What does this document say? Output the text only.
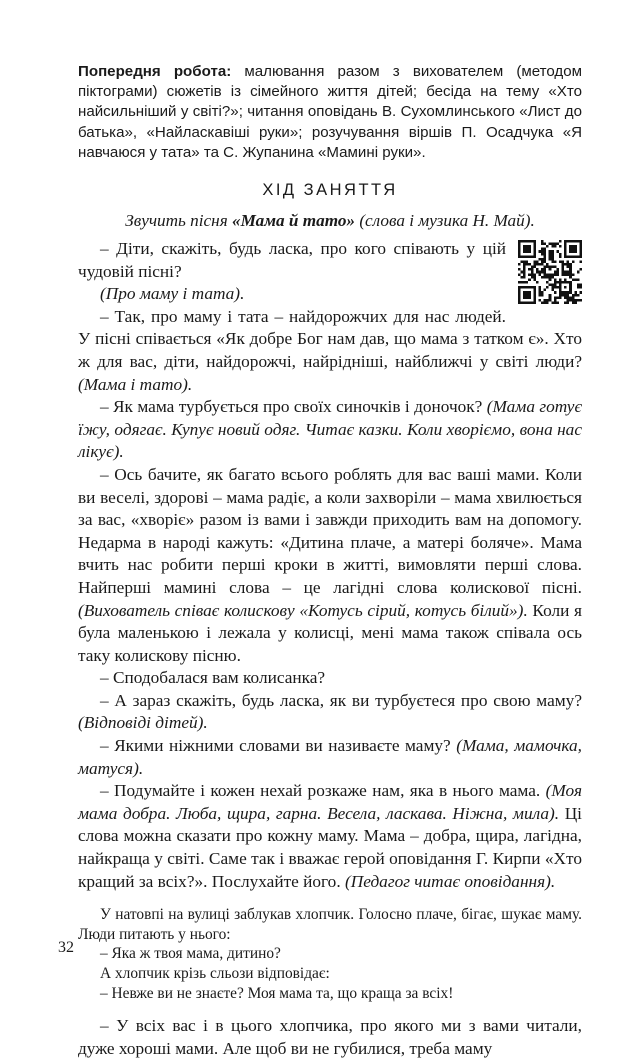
Попередня робота: малювання разом з вихователем (методом піктограми) сюжетів із сімейного життя дітей; бесіда на тему «Хто найсильніший у світі?»; читання оповідань В. Сухомлинського «Лист до батька», «Найласкавіші руки»; розучування віршів П. Осадчука «Я навчаюся у тата» та С. Жупанина «Мамині руки».

ХІД ЗАНЯТТЯ

Звучить пісня «Мама й тато» (слова і музика Н. Май).

– Діти, скажіть, будь ласка, про кого співають у цій чудовій пісні?

(Про маму і тата).

– Так, про маму і тата – найдорожчих для нас людей. У пісні співається «Як добре Бог нам дав, що мама з татком є». Хто ж для вас, діти, найдорожчі, найрідніші, найближчі у світі люди? (Мама і тато).

– Як мама турбується про своїх синочків і доночок? (Мама готує їжу, одягає. Купує новий одяг. Читає казки. Коли хворіємо, вона нас лікує).

– Ось бачите, як багато всього роблять для вас ваші мами. Коли ви веселі, здорові – мама радіє, а коли захворіли – мама хвилюється за вас, «хворіє» разом із вами і завжди приходить вам на допомогу. Недарма в народі кажуть: «Дитина плаче, а матері боляче». Мама вчить нас робити перші кроки в житті, вимовляти перші слова. Найперші мамині слова – це лагідні слова колискової пісні. (Вихователь співає колискову «Котусь сірий, котусь білий»). Коли я була маленькою і лежала у колисці, мені мама також співала ось таку колискову пісню.

– Сподобалася вам колисанка?

– А зараз скажіть, будь ласка, як ви турбуєтеся про свою маму? (Відповіді дітей).

– Якими ніжними словами ви називаєте маму? (Мама, мамочка, матуся).

– Подумайте і кожен нехай розкаже нам, яка в нього мама. (Моя мама добра. Люба, щира, гарна. Весела, ласкава. Ніжна, мила). Ці слова можна сказати про кожну маму. Мама – добра, щира, лагідна, найкраща у світі. Саме так і вважає герой оповідання Г. Кирпи «Хто кращий за всіх?». Послухайте його. (Педагог читає оповідання).

У натовпі на вулиці заблукав хлопчик. Голосно плаче, бігає, шукає маму. Люди питають у нього:

– Яка ж твоя мама, дитино?

А хлопчик крізь сльози відповідає:

– Невже ви не знаєте? Моя мама та, що краща за всіх!

– У всіх вас і в цього хлопчика, про якого ми з вами читали, дуже хороші мами. Але щоб ви не губилися, треба маму

32
